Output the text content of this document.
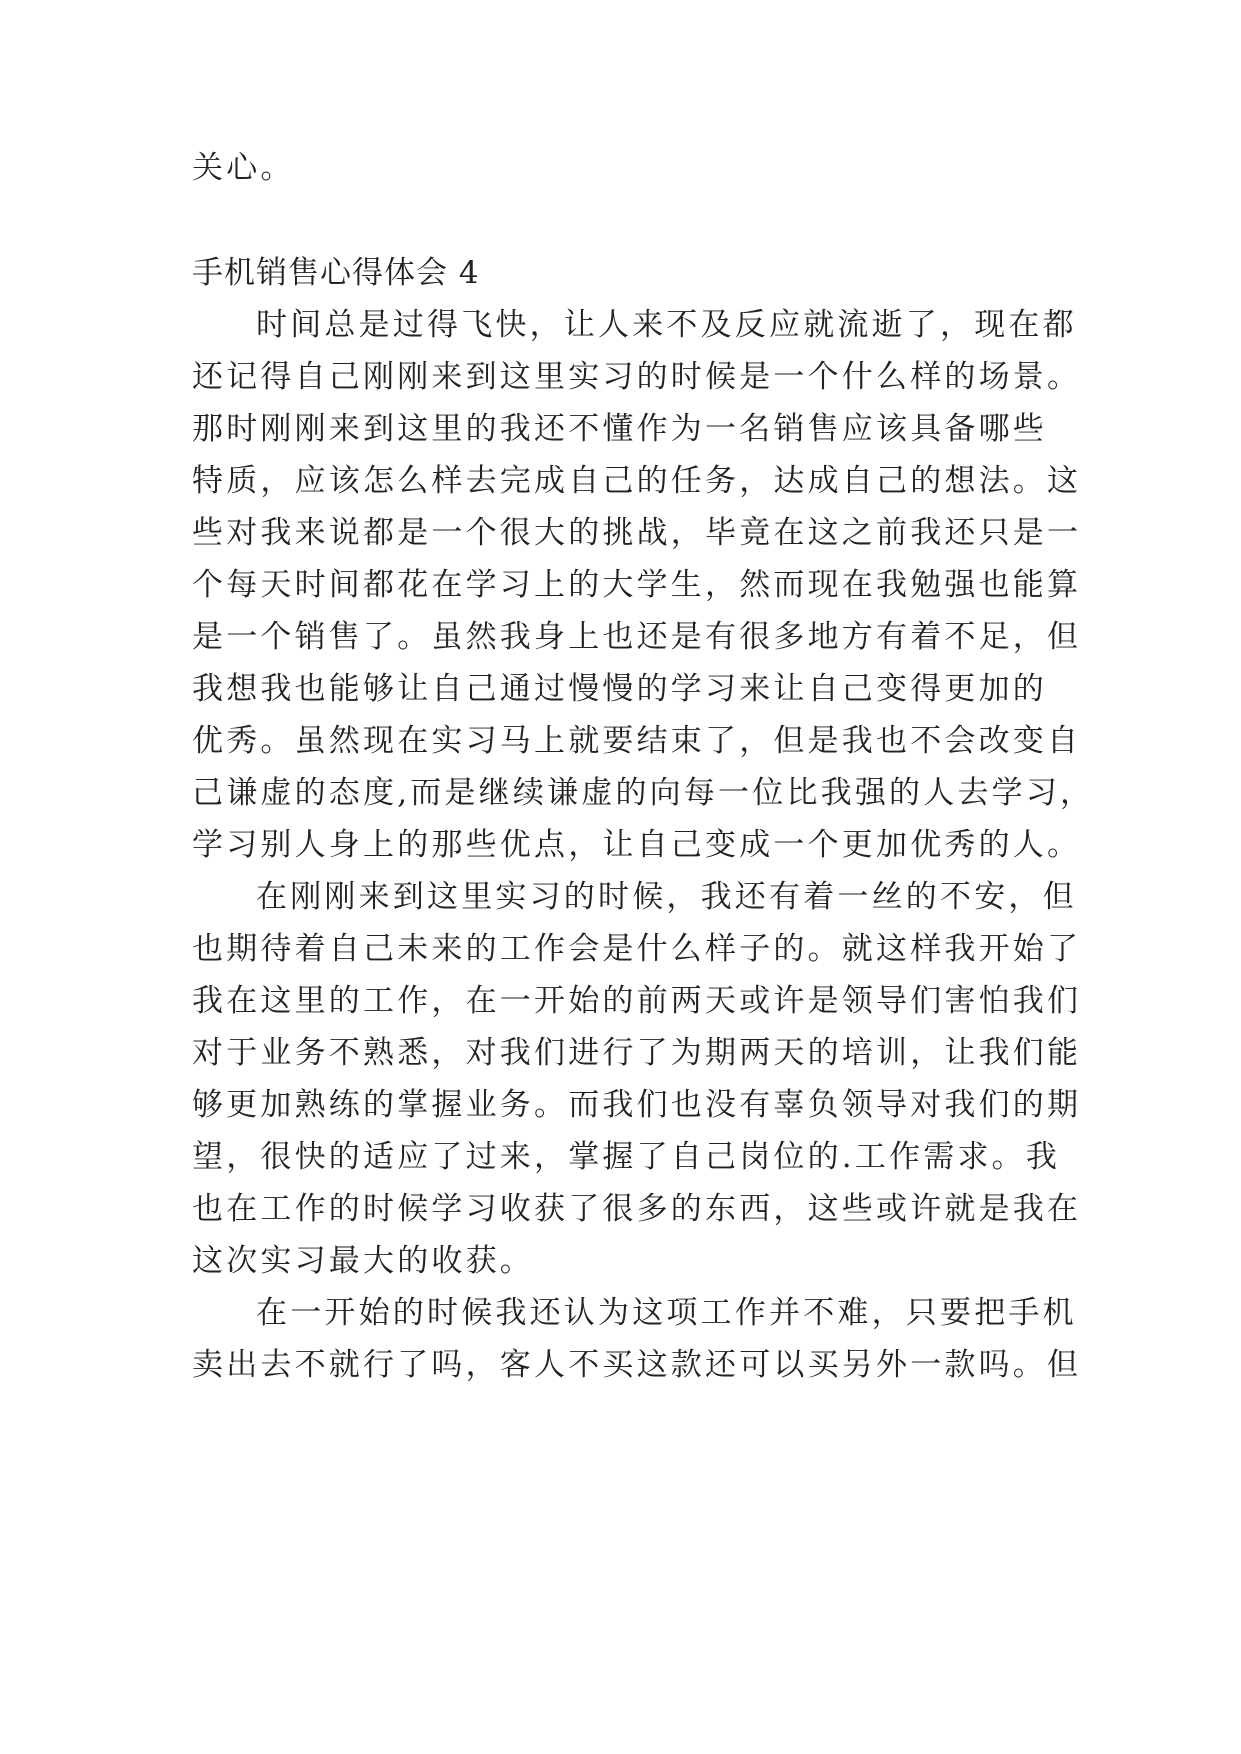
关心。
手机销售心得体会 4
时间总是过得飞快，让人来不及反应就流逝了，现在都
还记得自己刚刚来到这里实习的时候是一个什么样的场景。
那时刚刚来到这里的我还不懂作为一名销售应该具备哪些
特质，应该怎么样去完成自己的任务，达成自己的想法。这
些对我来说都是一个很大的挑战，毕竟在这之前我还只是一
个每天时间都花在学习上的大学生，然而现在我勉强也能算
是一个销售了。虽然我身上也还是有很多地方有着不足，但
我想我也能够让自己通过慢慢的学习来让自己变得更加的
优秀。虽然现在实习马上就要结束了，但是我也不会改变自
己谦虚的态度,而是继续谦虚的向每一位比我强的人去学习，
学习别人身上的那些优点，让自己变成一个更加优秀的人。
在刚刚来到这里实习的时候，我还有着一丝的不安，但
也期待着自己未来的工作会是什么样子的。就这样我开始了
我在这里的工作，在一开始的前两天或许是领导们害怕我们
对于业务不熟悉，对我们进行了为期两天的培训，让我们能
够更加熟练的掌握业务。而我们也没有辜负领导对我们的期
望，很快的适应了过来，掌握了自己岗位的.工作需求。我
也在工作的时候学习收获了很多的东西，这些或许就是我在
这次实习最大的收获。
在一开始的时候我还认为这项工作并不难，只要把手机
卖出去不就行了吗，客人不买这款还可以买另外一款吗。但
